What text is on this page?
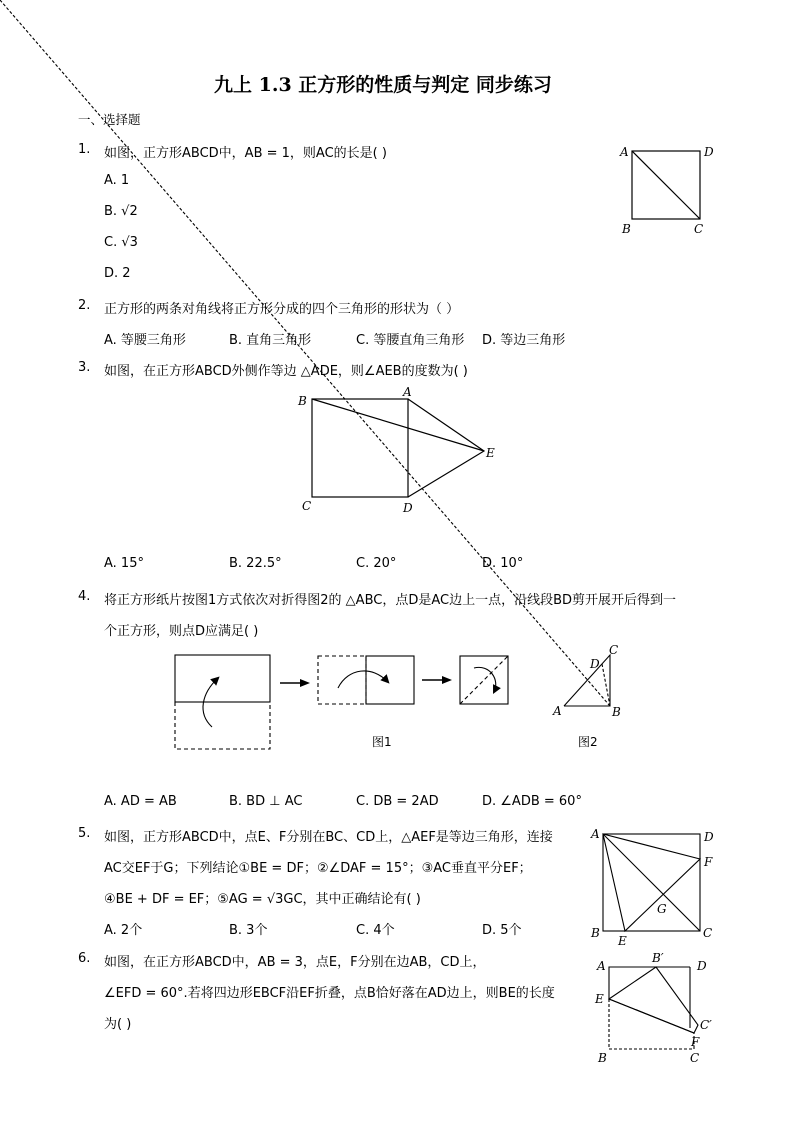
九上 1.3 正方形的性质与判定 同步练习
一、选择题
1. 如图，正方形ABCD中，AB = 1，则AC的长是( )
A. 1
B. √2
C. √3
D. 2
A	D
B	C
2. 正方形的两条对角线将正方形分成的四个三角形的形状为（ ）
A. 等腰三角形	B. 直角三角形	C. 等腰直角三角形 D. 等边三角形
3. 如图，在正方形ABCD外侧作等边 △ADE，则∠AEB的度数为( )
B
A
E
C	D
A. 15°	B. 22.5°	C. 20°	D. 10°
4. 将正方形纸片按图1方式依次对折得图2的 △ABC，点D是AC边上一点，沿线段BD剪开展开后得到一
个正方形，则点D应满足( )
C
D
A	B
图1	图2
A. AD = AB	B. BD ⊥ AC	C. DB = 2AD	D. ∠ADB = 60°
5. 如图，正方形ABCD中，点E、F分别在BC、CD上，△AEF是等边三角形，连接
AC交EF于G；下列结论①BE = DF；②∠DAF = 15°；③AC垂直平分EF；
④BE + DF = EF；⑤AG = √3GC，其中正确结论有( )
A. 2个	B. 3个	C. 4个	D. 5个
A	D
F
G
B
E
C
6. 如图，在正方形ABCD中，AB = 3，点E，F分别在边AB，CD上，
∠EFD = 60°.若将四边形EBCF沿EF折叠，点B恰好落在AD边上，则BE的长度
为( )
A
B′
D
E
C′
F
B	C
